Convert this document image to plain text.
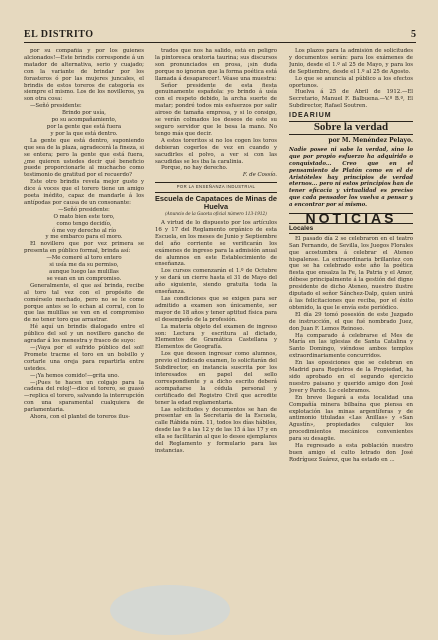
EL DISTRITO	5

por su compañía y por los guienes alcionados!—Este brindis corresponde á un matador de alternativa, serio y cuajado; con la variante de brindar por los forasteros ó por las mujeres juncales, el brindis de estos toreros de categoría es siempre el mismo. Los de los novilleros, ya son otra cosa:

—Señó presidente:

Brindo por usía,

po su acompañamiento,

por la gente que está fuera

y por la que está dentro.

La gente que está dentro, suponiendo que sea de la plaza, agradecerá la fineza, si se entera; pero la gente que está fuera, ¿me quieren ustedes decir qué beneficio puede proporcionarle al muchacho como testimonio de gratitud por el recuerdo?

Este otro brindis revela mejor gusto y dice á voces que el torero tiene un amigo poeta inédito, capaz de mandarle á los antípodas por causa de un consonante:

—Señó presidente:

O mato bien este toro,

como tengo decidío,

ó me voy derecho al río

y me embarco para el moro.

El novillero que por vez primera se presenta en público formal, brinda así:

—Me comeré al toro entero

si usía me da su permiso,

aunque luego las mulillas

se vean en un compromiso.

Generalmente, el que así brinda, recibe al toro tal vez con el propósito de comérselo mechado, pero no se le come porque antes se lo echan al corral, con lo que las mulillas se ven en el compromiso de no tener toro que arrastrar.

Hé aquí un brindis dialogado entre el público del sol y un novillero gancho de agradar á los menestra y frasco de suyo:

—¡Vaya por el sufrido público del sol! Promete tracme el toro en un bolsillo y cortarle una oreja para repartirla entre ustedes.

—¡Ya hemos comido!—grita uno.

—¡Pues te hacen un colgajo para la cadena del reloj!—dice el torero, se guasó—replica el torero, salvando la interrupción con una sparamental cualquiera de parlamentaria.

Ahora, con el plantel de toreros ilus-

trados que nos ha salido, está en peligro la pintoresca oratoria taurina; sus discursos son pronunciados en prosa, ¡sin duda porque no ignoran que la forma poética está llamada á desaparecer!. Véase una muestra:

Señor presidente de esta fiesta genuinamente española: yo brindo á usía con el respeto debido, la archa suerte de matar; pondré todos mis esfuerzos por salir airoso de tamaña empresa, y si lo consigo, se verán colmados los deseos de este su seguro servidor que le besa la mano. No tengo más que decir.

A estos toreritos si no los cogen los toros debieran cogerlos de vez en cuando y sacudirles el polvo, a ver si con las sacudidas se les iba la caralinia.

Porque, no hay derecho.

F. de Cossío.

POR LA ENSEÑANZA INDUSTRIAL
Escuela de Capataces de Minas de Huelva
(Anuncio de la Gaceta oficial número 113-1912)

A virtud de lo dispuesto por los artículos 16 y 17 del Reglamento orgánico de esta Escuela, en los meses de Junio y Septiembre del año corriente se verificarán los exámenes de ingreso para la admisión anual de alumnos en este Establecimiento de enseñanza.

Los cursos comenzarán el 1.º de Octubre y se dará un cierre hasta el 31 de Mayo del año siguiente, siendo gratuita toda la enseñanza.

Las condiciones que se exigen para ser admitido a examen son únicamente, ser mayor de 18 años y tener aptitud física para el desempeño de la profesión.

La materia objeto del examen de ingreso son: Lectura y escritura al dictado, Elementos de Gramática Castellana y Elementos de Geografía.

Los que deseen ingresar como alumnos, previo el indicado examen, lo solicitarán del Subdirector, en instancia suscrita por los interesados en papel del sello correspondiente y a dicho escrito deberá acompañarse la cédula personal y certificado del Registro Civil que acredite tener la edad reglamentaria.

Las solicitudes y documentos se han de presentar en la Secretaría de la Escuela, calle Rábida núm. 11, todos los días hábiles, desde las 9 a las 12 y de las 15 á las 17 y en ella se facilitarán al que lo desee ejemplares del Reglamento y formulario para las instancias.

Los plazos para la admisión de solicitudes y documentos serán: para los exámenes de Junio, desde el 1.º al 25 de Mayo, y para los de Septiembre, desde el 1.º al 25 de Agosto.

Lo que se anuncia al público a los efectos oportunos.

Huelva á 25 de Abril de 1912.—El Secretario, Manuel F. Balbuena.—V.º B.º, El Subdirector, Rafael Soutren.

IDEARIUM
Sobre la verdad
por M. Menéndez Pelayo.

Nadie posee ni sabe la verdad, sino lo que por propio esfuerzo ha adquirido o conquistado... Creo que en el pensamiento de Platón como en el de Aristóteles hay principios de verdad eternos... pero ni estos principios han de tener eficacia y virtualidad es preciso que cada pensador los vuelva a pensar y a encontrar por sí mismo.

NOTICIAS
Locales

El pasado día 2 se celebraron en el teatro San Fernando, de Sevilla, los Juegos Florales que acostumbra á celebrar el Ateneo hispalense. La extraordinaria brillantez con que se ha celebrado este año la poética fiesta que ensalza la Fe, la Patria y el Amor, débese principalmente á la gestión del digno presidente de dicho Ateneo, nuestro ilustre diputado el señor Sánchez-Dalp, quien unirá á las felicitaciones que reciba, por el éxito obtenido, la que le envía este periódico.

El día 29 tomó posesión de este Juzgado de instrucción, el que fué nombrado Juez, don Juan F. Lemos Reinoso.

Ha comparado á celebrarse el Mes de María en las iglesias de Santa Catalina y Santo Domingo, viéndose ambos templos extraordinariamente concurridos.

En las oposiciones que se celebran en Madrid para Registros de la Propiedad, ha sido aprobado en el segundo ejercicio nuestro paisano y querido amigo don José Jover y Pardo. Lo celebramos.

En breve llegará a esta localidad una Compañía minera bilbaína que piensa en explotación las minas argentíferas y de antimonio tituladas «Las Anillas» y «San Agustín», propiedades culquier los procedimientos mecánicos convenientes para su desagüe.

Ha regresado a esta población nuestro buen amigo el culto letrado don José Rodríguez Suárez, que ha estado en ...
